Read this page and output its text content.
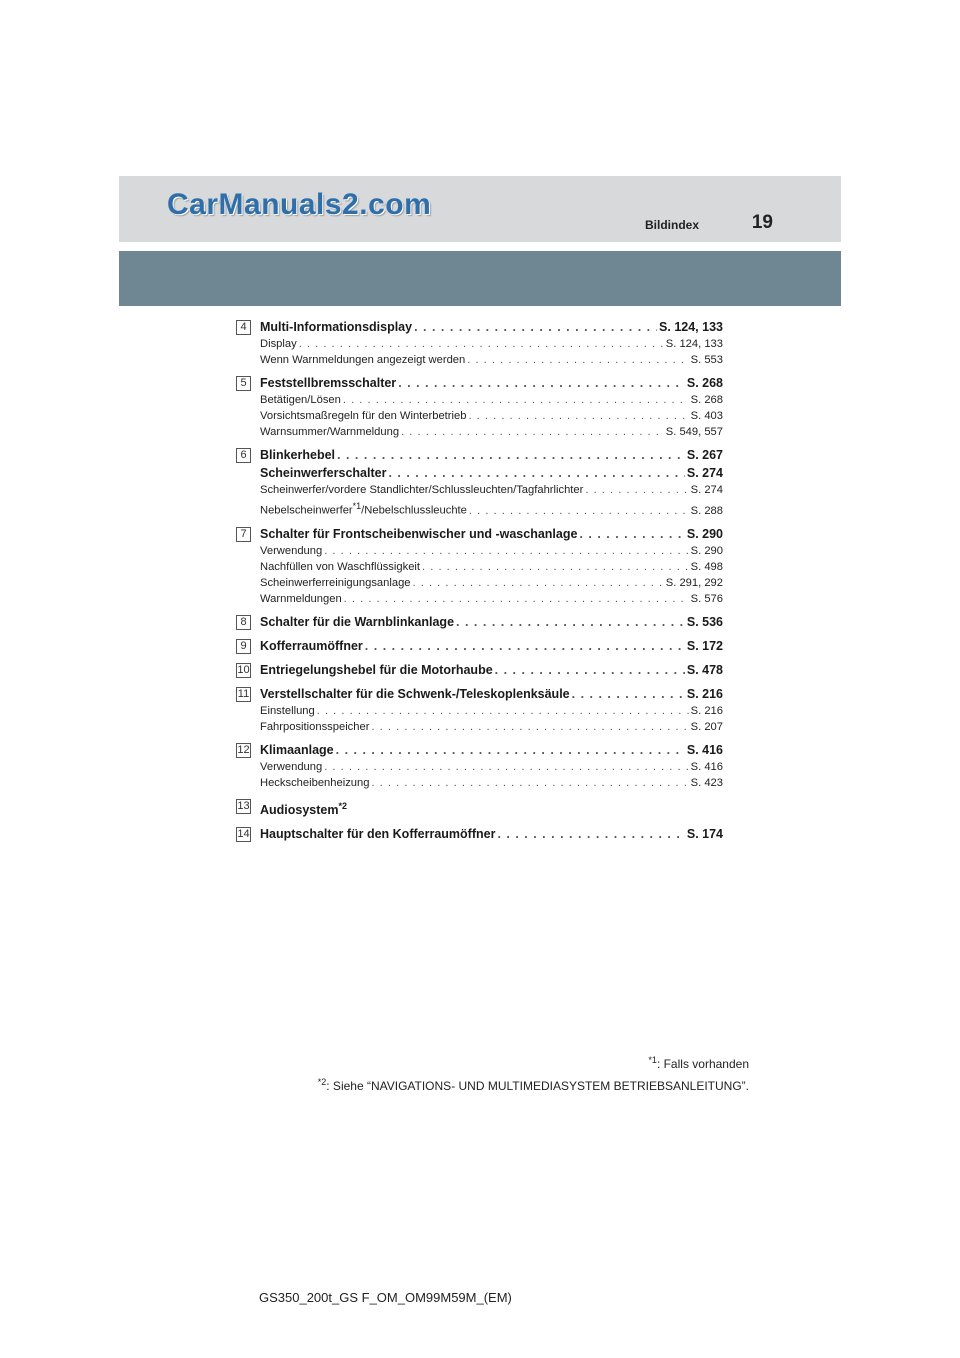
CarManuals2.com
Bildindex	19
4	Multi-Informationsdisplay . . .	S. 124, 133
Display . . .	S. 124, 133
Wenn Warnmeldungen angezeigt werden . . .	S. 553
5	Feststellbremsschalter . . .	S. 268
Betätigen/Lösen . . .	S. 268
Vorsichtsmaßregeln für den Winterbetrieb . . .	S. 403
Warnsummer/Warnmeldung . . .	S. 549, 557
6	Blinkerhebel . . .	S. 267
Scheinwerferschalter . . .	S. 274
Scheinwerfer/vordere Standlichter/Schlussleuchten/Tagfahrlichter . . .	S. 274
Nebelscheinwerfer$^{*1}$/Nebelschlussleuchte . . .	S. 288
7	Schalter für Frontscheibenwischer und -waschanlage . . .	S. 290
Verwendung . . .	S. 290
Nachfüllen von Waschflüssigkeit . . .	S. 498
Scheinwerferreinigungsanlage . . .	S. 291, 292
Warnmeldungen . . .	S. 576
8	Schalter für die Warnblinkanlage . . .	S. 536
9	Kofferraumöffner . . .	S. 172
10 Entriegelungshebel für die Motorhaube . . .	S. 478
11 Verstellschalter für die Schwenk-/Teleskoplenksäule . . .	S. 216
Einstellung . . .	S. 216
Fahrpositionsspeicher . . .	S. 207
12 Klimaanlage . . .	S. 416
Verwendung . . .	S. 416
Heckscheibenheizung . . .	S. 423
13 Audiosystem$^{*2}$
14 Hauptschalter für den Kofferraumöffner . . .	S. 174
$^{*1}$: Falls vorhanden
$^{*2}$: Siehe “NAVIGATIONS- UND MULTIMEDIASYSTEM BETRIEBSANLEITUNG”.
GS350_200t_GS F_OM_OM99M59M_(EM)
